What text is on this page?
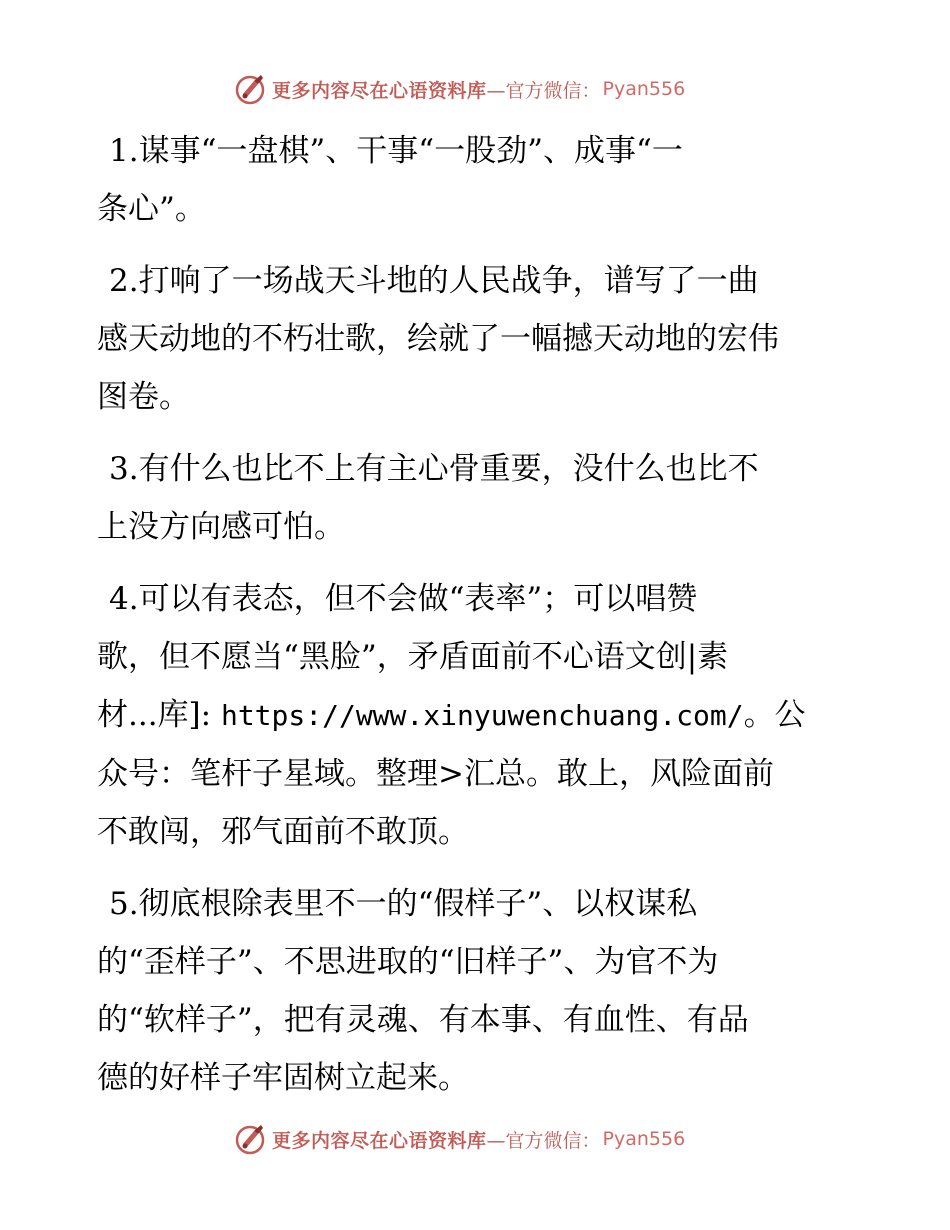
更多内容尽在心语资料库 —官方微信： Pyan556
1.谋事“一盘棋”、干事“一股劲”、成事“一
条心”。
2.打响了一场战天斗地的人民战争，谱写了一曲
感天动地的不朽壮歌，绘就了一幅撼天动地的宏伟
图卷。
3.有什么也比不上有主心骨重要，没什么也比不
上没方向感可怕。
4.可以有表态，但不会做“表率”；可以唱赞
歌，但不愿当“黑脸”，矛盾面前不心语文创|素
材...库]: https://www.xinyuwenchuang.com/。公
众号：笔杆子星域。整理>汇总。敢上，风险面前
不敢闯，邪气面前不敢顶。
5.彻底根除表里不一的“假样子”、以权谋私
的“歪样子”、不思进取的“旧样子”、为官不为
的“软样子”，把有灵魂、有本事、有血性、有品
德的好样子牢固树立起来。
更多内容尽在心语资料库 —官方微信： Pyan556
